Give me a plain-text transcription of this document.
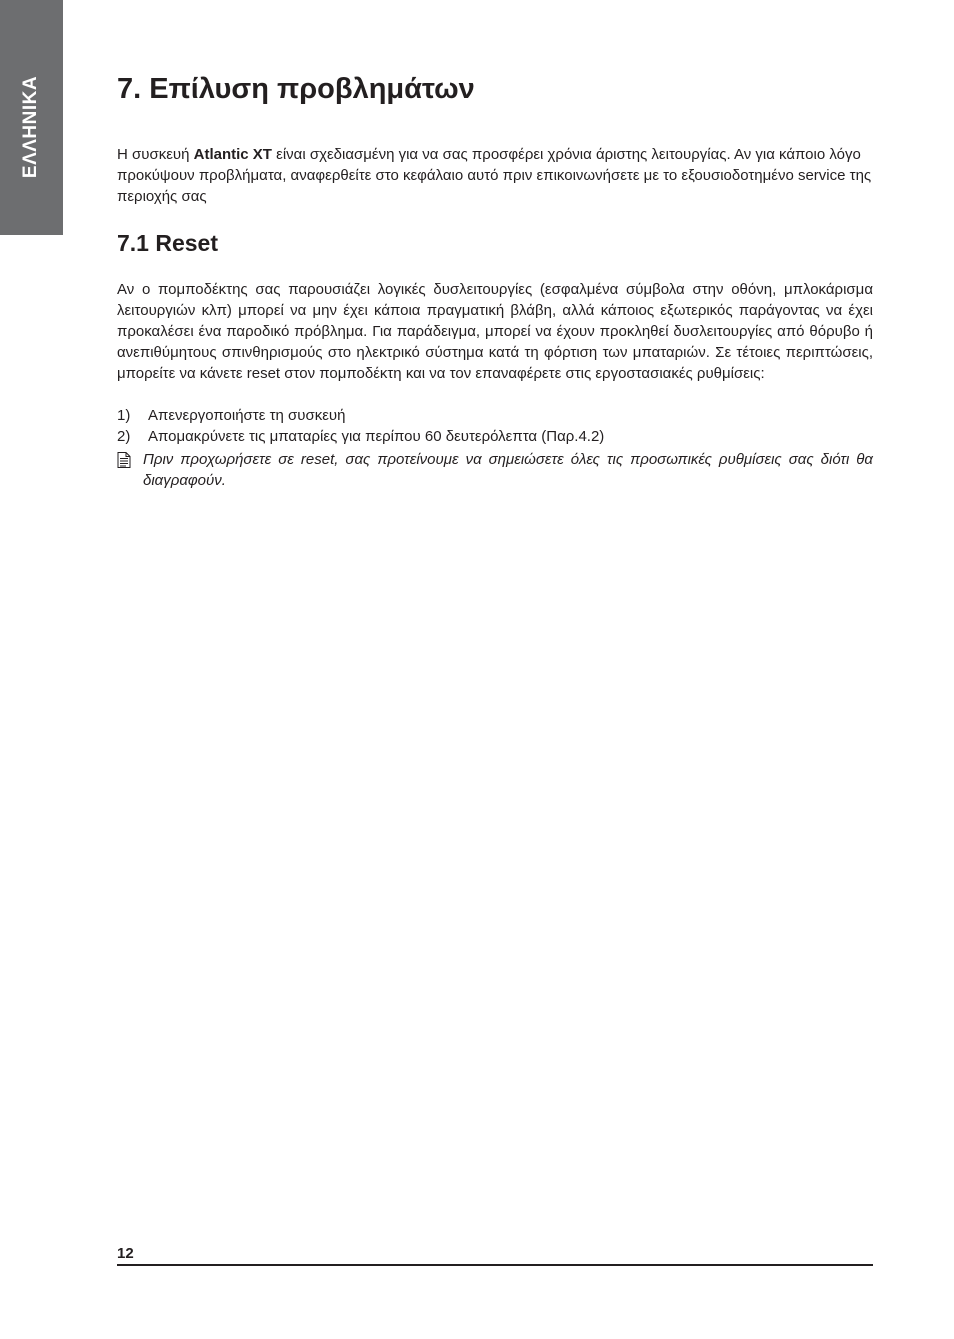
ΕΛΛΗΝΙΚΑ	7. Επίλυση προβλημάτων

Η συσκευή Atlantic XT είναι σχεδιασμένη για να σας προσφέρει χρόνια άριστης λειτουργίας. Αν για κάποιο λόγο προκύψουν προβλήματα, αναφερθείτε στο κεφάλαιο αυτό πριν επικοινωνήσετε με το εξουσιοδοτημένο service της περιοχής σας

7.1 Reset

Αν ο πομποδέκτης σας παρουσιάζει λογικές δυσλειτουργίες (εσφαλμένα σύμβολα στην οθόνη, μπλοκάρισμα λειτουργιών κλπ) μπορεί να μην έχει κάποια πραγματική βλάβη, αλλά κάποιος εξωτερικός παράγοντας να έχει προκαλέσει ένα παροδικό πρόβλημα. Για παράδειγμα, μπορεί να έχουν προκληθεί δυσλειτουργίες από θόρυβο ή ανεπιθύμητους σπινθηρισμούς στο ηλεκτρικό σύστημα κατά τη φόρτιση των μπαταριών. Σε τέτοιες περιπτώσεις, μπορείτε να κάνετε reset στον πομποδέκτη και να τον επαναφέρετε στις εργοστασιακές ρυθμίσεις:

1)	Απενεργοποιήστε τη συσκευή
2)	Απομακρύνετε τις μπαταρίες για περίπου 60 δευτερόλεπτα (Παρ.4.2)
Πριν προχωρήσετε σε reset, σας προτείνουμε να σημειώσετε όλες τις προσωπικές ρυθμίσεις σας διότι θα διαγραφούν.
12
